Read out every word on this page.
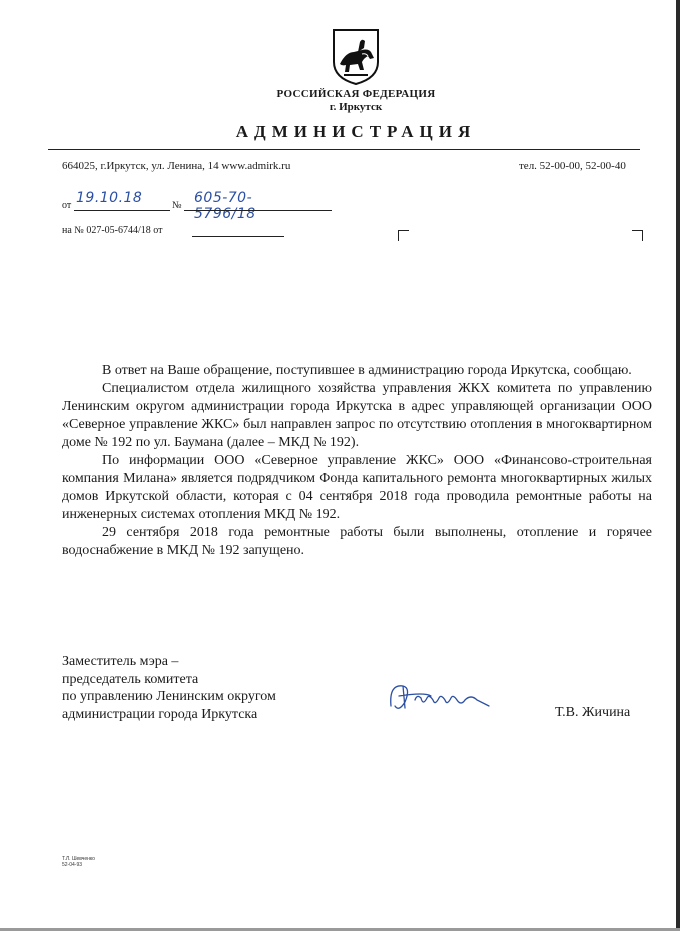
РОССИЙСКАЯ ФЕДЕРАЦИЯ
г. Иркутск
АДМИНИСТРАЦИЯ
664025, г.Иркутск, ул. Ленина, 14 www.admirk.ru	тел. 52-00-00, 52-00-40
от 19.10.18	№ 605-70-5796/18
на № 027-05-6744/18 от

В ответ на Ваше обращение, поступившее в администрацию города Иркутска, сообщаю.

Специалистом отдела жилищного хозяйства управления ЖКХ комитета по управлению Ленинским округом администрации города Иркутска в адрес управляющей организации ООО «Северное управление ЖКС» был направлен запрос по отсутствию отопления в многоквартирном доме № 192 по ул. Баумана (далее – МКД № 192).

По информации ООО «Северное управление ЖКС» ООО «Финансово-строительная компания Милана» является подрядчиком Фонда капитального ремонта многоквартирных жилых домов Иркутской области, которая с 04 сентября 2018 года проводила ремонтные работы на инженерных системах отопления МКД № 192.

29 сентября 2018 года ремонтные работы были выполнены, отопление и горячее водоснабжение в МКД № 192 запущено.

Заместитель мэра –
председатель комитета
по управлению Ленинским округом
администрации города Иркутска	Т.В. Жичина
Т.Л. Шевченко
52-04-93
